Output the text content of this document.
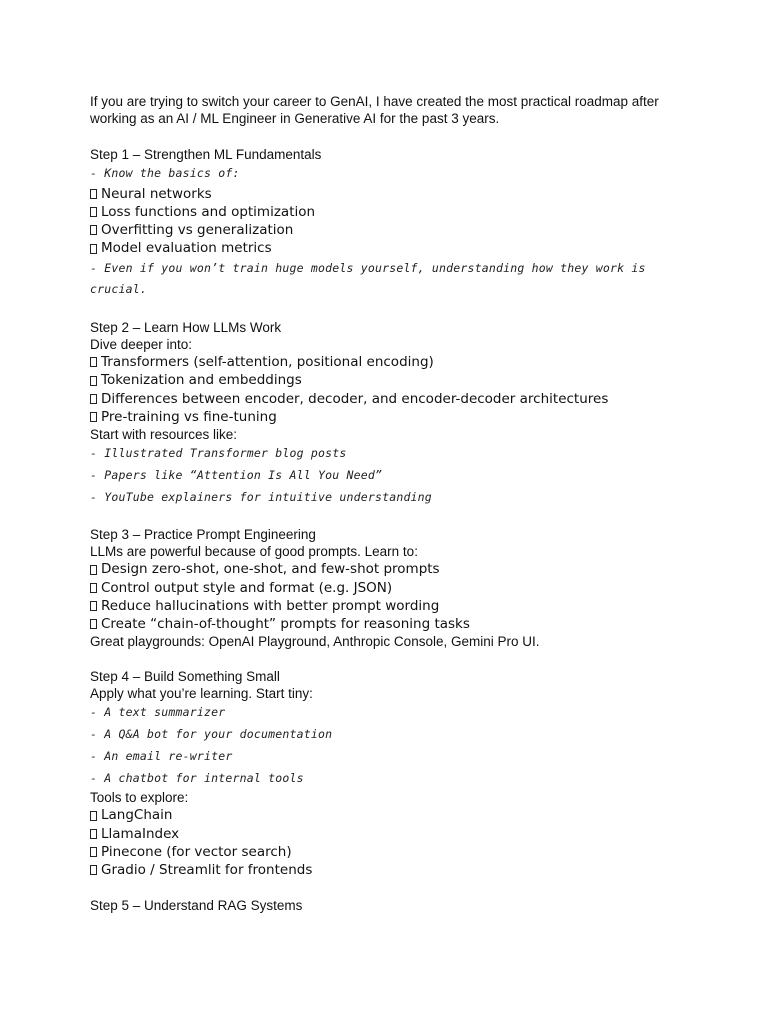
If you are trying to switch your career to GenAI, I have created the most practical roadmap after working as an AI / ML Engineer in Generative AI for the past 3 years.

Step 1 – Strengthen ML Fundamentals

- Know the basics of:
Neural networks
Loss functions and optimization
Overfitting vs generalization
Model evaluation metrics
- Even if you won’t train huge models yourself, understanding how they work is crucial.

Step 2 – Learn How LLMs Work

Dive deeper into:

Transformers (self-attention, positional encoding)
Tokenization and embeddings
Differences between encoder, decoder, and encoder-decoder architectures
Pre-training vs fine-tuning

Start with resources like:

- Illustrated Transformer blog posts
- Papers like “Attention Is All You Need”
- YouTube explainers for intuitive understanding

Step 3 – Practice Prompt Engineering

LLMs are powerful because of good prompts. Learn to:

Design zero-shot, one-shot, and few-shot prompts
Control output style and format (e.g. JSON)
Reduce hallucinations with better prompt wording
Create “chain-of-thought” prompts for reasoning tasks

Great playgrounds: OpenAI Playground, Anthropic Console, Gemini Pro UI.

Step 4 – Build Something Small

Apply what you’re learning. Start tiny:

- A text summarizer
- A Q&A bot for your documentation
- An email re-writer
- A chatbot for internal tools

Tools to explore:

LangChain
LlamaIndex
Pinecone (for vector search)
Gradio / Streamlit for frontends

Step 5 – Understand RAG Systems
